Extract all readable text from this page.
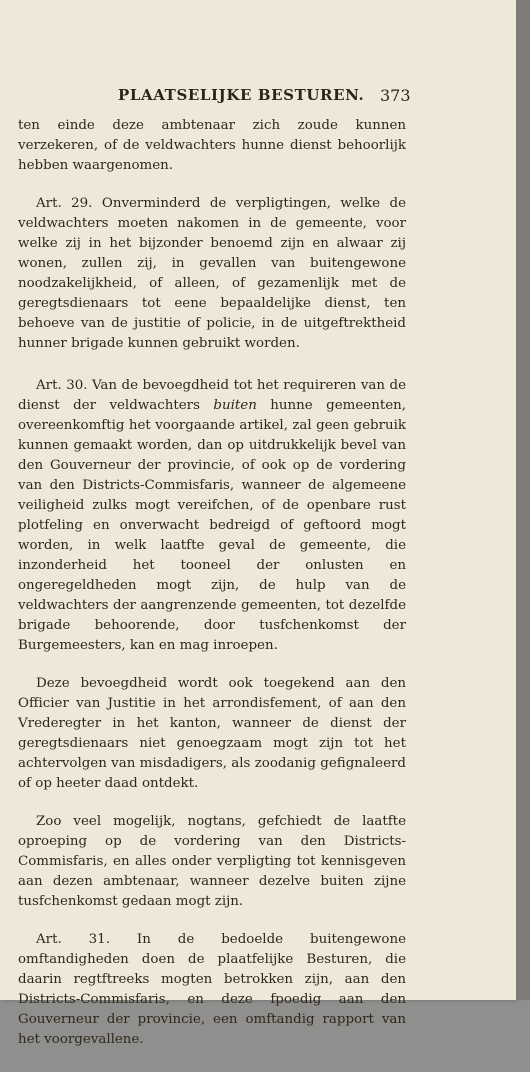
PLAATSELIJKE BESTUREN. 373

ten einde deze ambtenaar zich zoude kunnen verzekeren, of de veldwachters hunne dienst behoorlijk hebben waargenomen.

Art. 29. Onverminderd de verpligtingen, welke de veldwachters moeten nakomen in de gemeente, voor welke zij in het bijzonder benoemd zijn en alwaar zij wonen, zullen zij, in gevallen van buitengewone noodzakelijkheid, of alleen, of gezamenlijk met de geregtsdienaars tot eene bepaaldelijke dienst, ten behoeve van de justitie of policie, in de uitgeftrektheid hunner brigade kunnen gebruikt worden.

Art. 30. Van de bevoegdheid tot het requireren van de dienst der veldwachters buiten hunne gemeenten, overeenkomftig het voorgaande artikel, zal geen gebruik kunnen gemaakt worden, dan op uitdrukkelijk bevel van den Gouverneur der provincie, of ook op de vordering van den Districts-Commisfaris, wanneer de algemeene veiligheid zulks mogt vereifchen, of de openbare rust plotfeling en onverwacht bedreigd of geftoord mogt worden, in welk laatfte geval de gemeente, die inzonderheid het tooneel der onlusten en ongeregeldheden mogt zijn, de hulp van de veldwachters der aangrenzende gemeenten, tot dezelfde brigade behoorende, door tusfchenkomst der Burgemeesters, kan en mag inroepen.

Deze bevoegdheid wordt ook toegekend aan den Officier van Justitie in het arrondisfement, of aan den Vrederegter in het kanton, wanneer de dienst der geregtsdienaars niet genoegzaam mogt zijn tot het achtervolgen van misdadigers, als zoodanig gefignaleerd of op heeter daad ontdekt.

Zoo veel mogelijk, nogtans, gefchiedt de laatfte oproeping op de vordering van den Districts-Commisfaris, en alles onder verpligting tot kennisgeven aan dezen ambtenaar, wanneer dezelve buiten zijne tusfchenkomst gedaan mogt zijn.

Art. 31. In de bedoelde buitengewone omftandigheden doen de plaatfelijke Besturen, die daarin regtftreeks mogten betrokken zijn, aan den Districts-Commisfaris, en deze fpoedig aan den Gouverneur der provincie, een omftandig rapport van het voorgevallene.
